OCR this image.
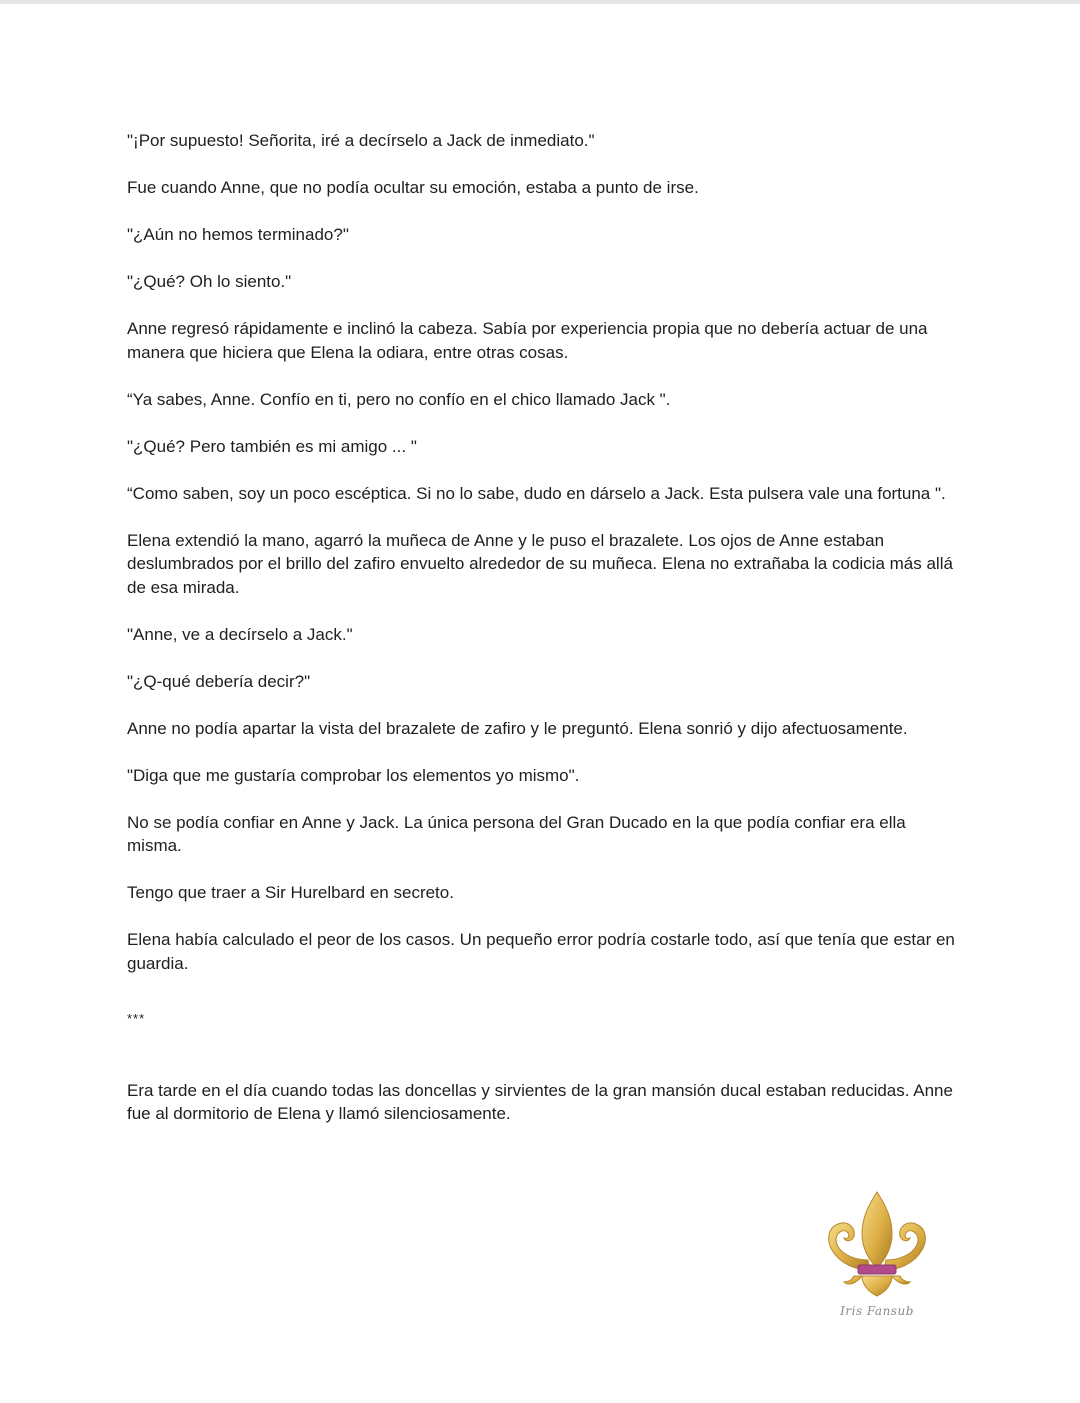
"¡Por supuesto! Señorita, iré a decírselo a Jack de inmediato."

Fue cuando Anne, que no podía ocultar su emoción, estaba a punto de irse.

"¿Aún no hemos terminado?"

"¿Qué? Oh lo siento."

Anne regresó rápidamente e inclinó la cabeza. Sabía por experiencia propia que no debería actuar de una manera que hiciera que Elena la odiara, entre otras cosas.

“Ya sabes, Anne. Confío en ti, pero no confío en el chico llamado Jack ".

"¿Qué? Pero también es mi amigo ... "

“Como saben, soy un poco escéptica. Si no lo sabe, dudo en dárselo a Jack. Esta pulsera vale una fortuna ".

Elena extendió la mano, agarró la muñeca de Anne y le puso el brazalete. Los ojos de Anne estaban deslumbrados por el brillo del zafiro envuelto alrededor de su muñeca. Elena no extrañaba la codicia más allá de esa mirada.

"Anne, ve a decírselo a Jack."

"¿Q-qué debería decir?"

Anne no podía apartar la vista del brazalete de zafiro y le preguntó. Elena sonrió y dijo afectuosamente.

"Diga que me gustaría comprobar los elementos yo mismo".

No se podía confiar en Anne y Jack. La única persona del Gran Ducado en la que podía confiar era ella misma.

Tengo que traer a Sir Hurelbard en secreto.

Elena había calculado el peor de los casos. Un pequeño error podría costarle todo, así que tenía que estar en guardia.

***

Era tarde en el día cuando todas las doncellas y sirvientes de la gran mansión ducal estaban reducidas. Anne fue al dormitorio de Elena y llamó silenciosamente.

Iris Fansub
